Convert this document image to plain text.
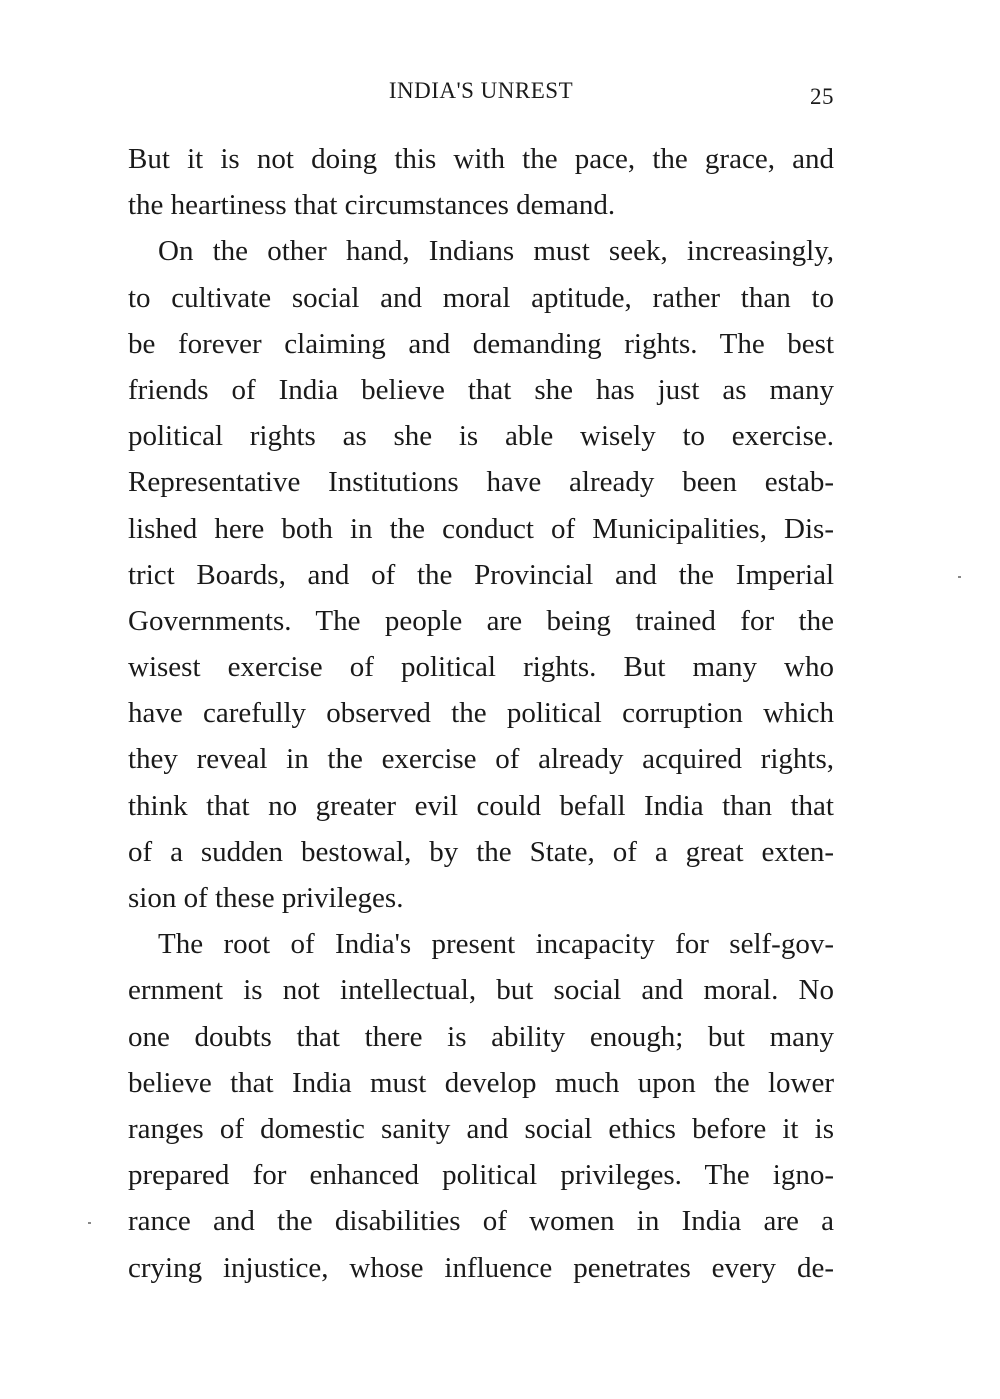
INDIA'S UNREST	25
But it is not doing this with the pace, the grace, and
the heartiness that circumstances demand.
On the other hand, Indians must seek, increasingly,
to cultivate social and moral aptitude, rather than to
be forever claiming and demanding rights. The best
friends of India believe that she has just as many
political rights as she is able wisely to exercise.
Representative Institutions have already been estab-
lished here both in the conduct of Municipalities, Dis-
trict Boards, and of the Provincial and the Imperial
Governments. The people are being trained for the
wisest exercise of political rights. But many who
have carefully observed the political corruption which
they reveal in the exercise of already acquired rights,
think that no greater evil could befall India than that
of a sudden bestowal, by the State, of a great exten-
sion of these privileges.
The root of India's present incapacity for self-gov-
ernment is not intellectual, but social and moral. No
one doubts that there is ability enough; but many
believe that India must develop much upon the lower
ranges of domestic sanity and social ethics before it is
prepared for enhanced political privileges. The igno-
rance and the disabilities of women in India are a
crying injustice, whose influence penetrates every de-
